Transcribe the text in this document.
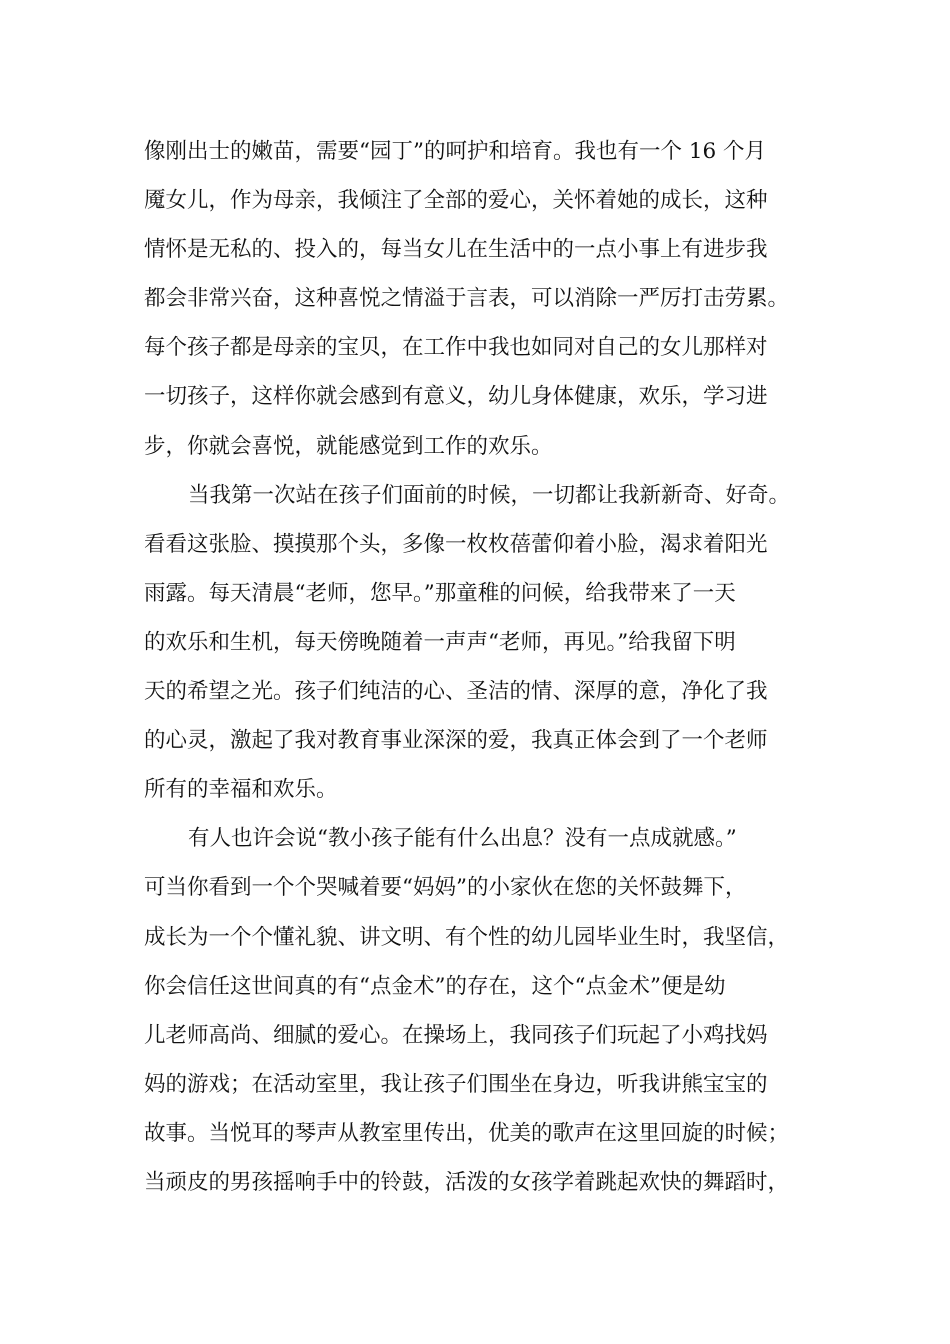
像刚出士的嫩苗，需要“园丁”的呵护和培育。我也有一个 16 个月
魇女儿，作为母亲，我倾注了全部的爱心，关怀着她的成长，这种
情怀是无私的、投入的，每当女儿在生活中的一点小事上有进步我
都会非常兴奋，这种喜悦之情溢于言表，可以消除一严厉打击劳累。
每个孩子都是母亲的宝贝，在工作中我也如同对自己的女儿那样对
一切孩子，这样你就会感到有意义，幼儿身体健康，欢乐，学习进
步，你就会喜悦，就能感觉到工作的欢乐。
当我第一次站在孩子们面前的时候，一切都让我新新奇、好奇。
看看这张脸、摸摸那个头，多像一枚枚蓓蕾仰着小脸，渴求着阳光
雨露。每天清晨“老师，您早。”那童稚的问候，给我带来了一天
的欢乐和生机，每天傍晚随着一声声“老师，再见。”给我留下明
天的希望之光。孩子们纯洁的心、圣洁的情、深厚的意，净化了我
的心灵，激起了我对教育事业深深的爱，我真正体会到了一个老师
所有的幸福和欢乐。
有人也许会说“教小孩子能有什么出息？没有一点成就感。”
可当你看到一个个哭喊着要“妈妈”的小家伙在您的关怀鼓舞下，
成长为一个个懂礼貌、讲文明、有个性的幼儿园毕业生时，我坚信，
你会信任这世间真的有“点金术”的存在，这个“点金术”便是幼
儿老师高尚、细腻的爱心。在操场上，我同孩子们玩起了小鸡找妈
妈的游戏；在活动室里，我让孩子们围坐在身边，听我讲熊宝宝的
故事。当悦耳的琴声从教室里传出，优美的歌声在这里回旋的时候；
当顽皮的男孩摇响手中的铃鼓，活泼的女孩学着跳起欢快的舞蹈时，
